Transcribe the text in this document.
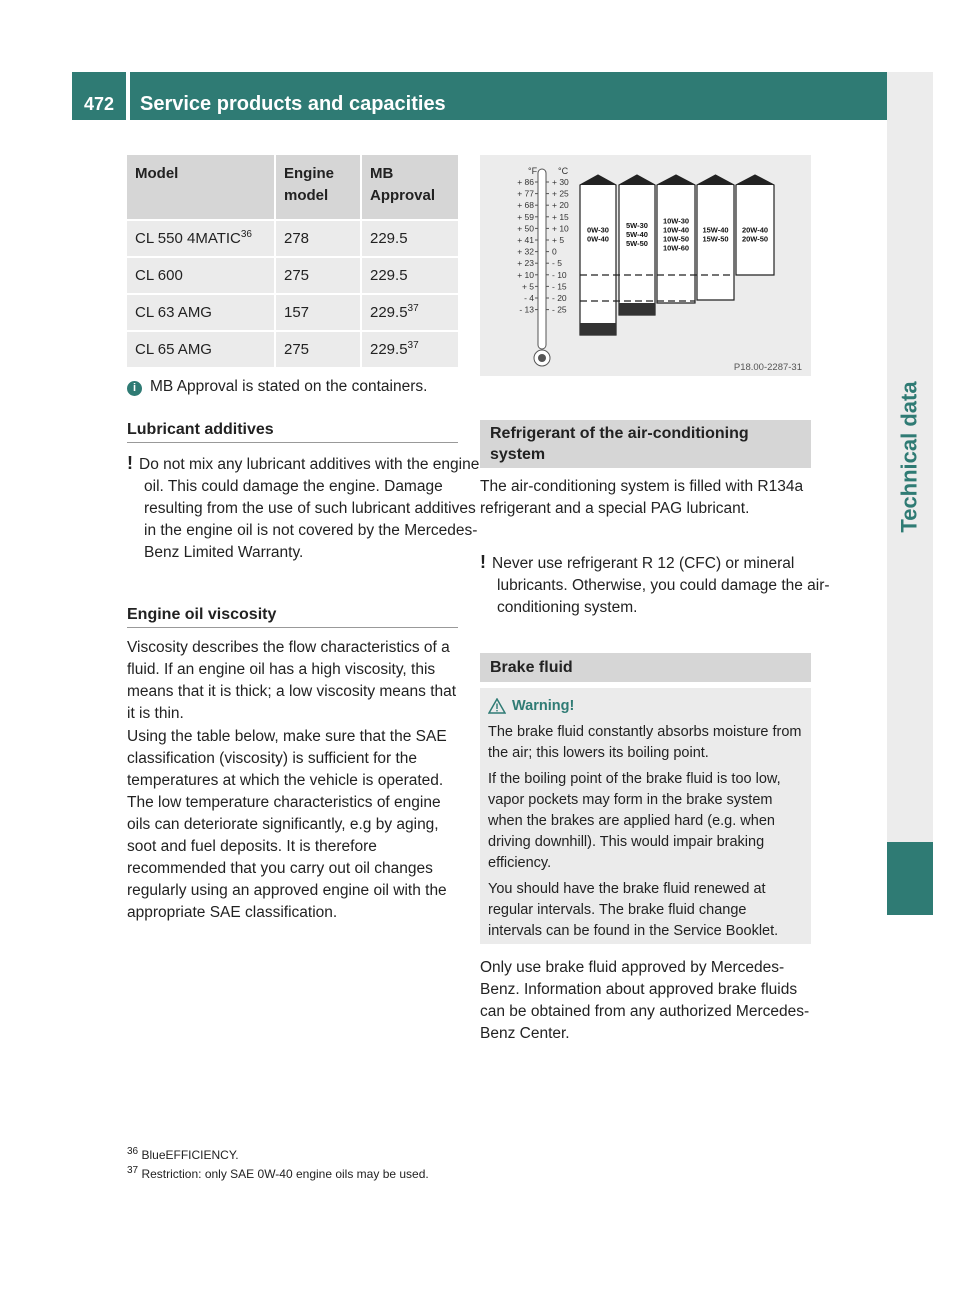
472	Service products and capacities
Technical data
Model	Engine model	MB Approval

CL 550 4MATIC$^{36}$	278	229.5
CL 600	275	229.5
CL 63 AMG	157	229.5$^{37}$
CL 65 AMG	275	229.5$^{37}$
i MB Approval is stated on the containers.
Lubricant additives
! Do not mix any lubricant additives with the engine oil. This could damage the engine. Damage resulting from the use of such lubricant additives in the engine oil is not covered by the Mercedes-Benz Limited Warranty.
Engine oil viscosity
Viscosity describes the flow characteristics of a fluid. If an engine oil has a high viscosity, this means that it is thick; a low viscosity means that it is thin.
Using the table below, make sure that the SAE classification (viscosity) is sufficient for the temperatures at which the vehicle is operated. The low temperature characteristics of engine oils can deteriorate significantly, e.g by aging, soot and fuel deposits. It is therefore recommended that you carry out oil changes regularly using an approved engine oil with the appropriate SAE classification.
°F °C
+ 86
+ 77
+ 68
+ 59
+ 50
+ 41
+ 32
+ 23
+ 10
+ 5
- 4
- 13
+ 30
+ 25
+ 20
+ 15
+ 10
+ 5
0
- 5
- 10
- 15
- 20
- 25
0W-30
0W-40
5W-30
5W-40
5W-50
10W-30
10W-40
10W-50
10W-60
15W-40
15W-50
20W-40
20W-50
P18.00-2287-31
Refrigerant of the air-conditioning system
The air-conditioning system is filled with R134a refrigerant and a special PAG lubricant.
! Never use refrigerant R 12 (CFC) or mineral lubricants. Otherwise, you could damage the air-conditioning system.
Brake fluid

Warning!

The brake fluid constantly absorbs moisture from the air; this lowers its boiling point.

If the boiling point of the brake fluid is too low, vapor pockets may form in the brake system when the brakes are applied hard (e.g. when driving downhill). This would impair braking efficiency.

You should have the brake fluid renewed at regular intervals. The brake fluid change intervals can be found in the Service Booklet.

Only use brake fluid approved by Mercedes-Benz. Information about approved brake fluids can be obtained from any authorized Mercedes-Benz Center.
$^{36}$ BlueEFFICIENCY.
$^{37}$ Restriction: only SAE 0W-40 engine oils may be used.
